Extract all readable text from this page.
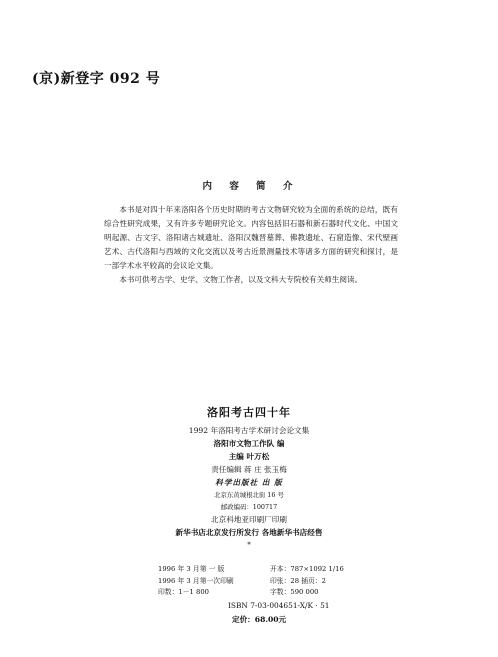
(京)新登字 092 号
内 容 简 介

本书是对四十年来洛阳各个历史时期的考古文物研究较为全面的系统的总结，既有综合性研究成果，又有许多专题研究论文。内容包括旧石器和新石器时代文化、中国文明起源、古文字、洛阳诸古城遗址、洛阳汉魏晋墓葬、佛教遗址、石窟造像、宋代壁画艺术、古代洛阳与西域的文化交流以及考古近景测量技术等诸多方面的研究和探讨，是一部学术水平较高的会议论文集。

本书可供考古学、史学、文物工作者，以及文科大专院校有关师生阅读。

洛阳考古四十年
1992 年洛阳考古学术研讨会论文集
洛阳市文物工作队 编
主编 叶万松
责任编辑 蒋 庄 张玉梅
科学出版社 出 版
北京东黄城根北街 16 号
邮政编码：100717
北京科地亚印刷厂印刷
新华书店北京发行所发行 各地新华书店经售
*
1996 年 3 月第 一 版	开本：787×1092 1/16
1996 年 3 月第一次印刷	印张：28 插页：2
印数：1－1 800	字数：590 000
ISBN 7-03-004651-X/K · 51
定价：68.00元
